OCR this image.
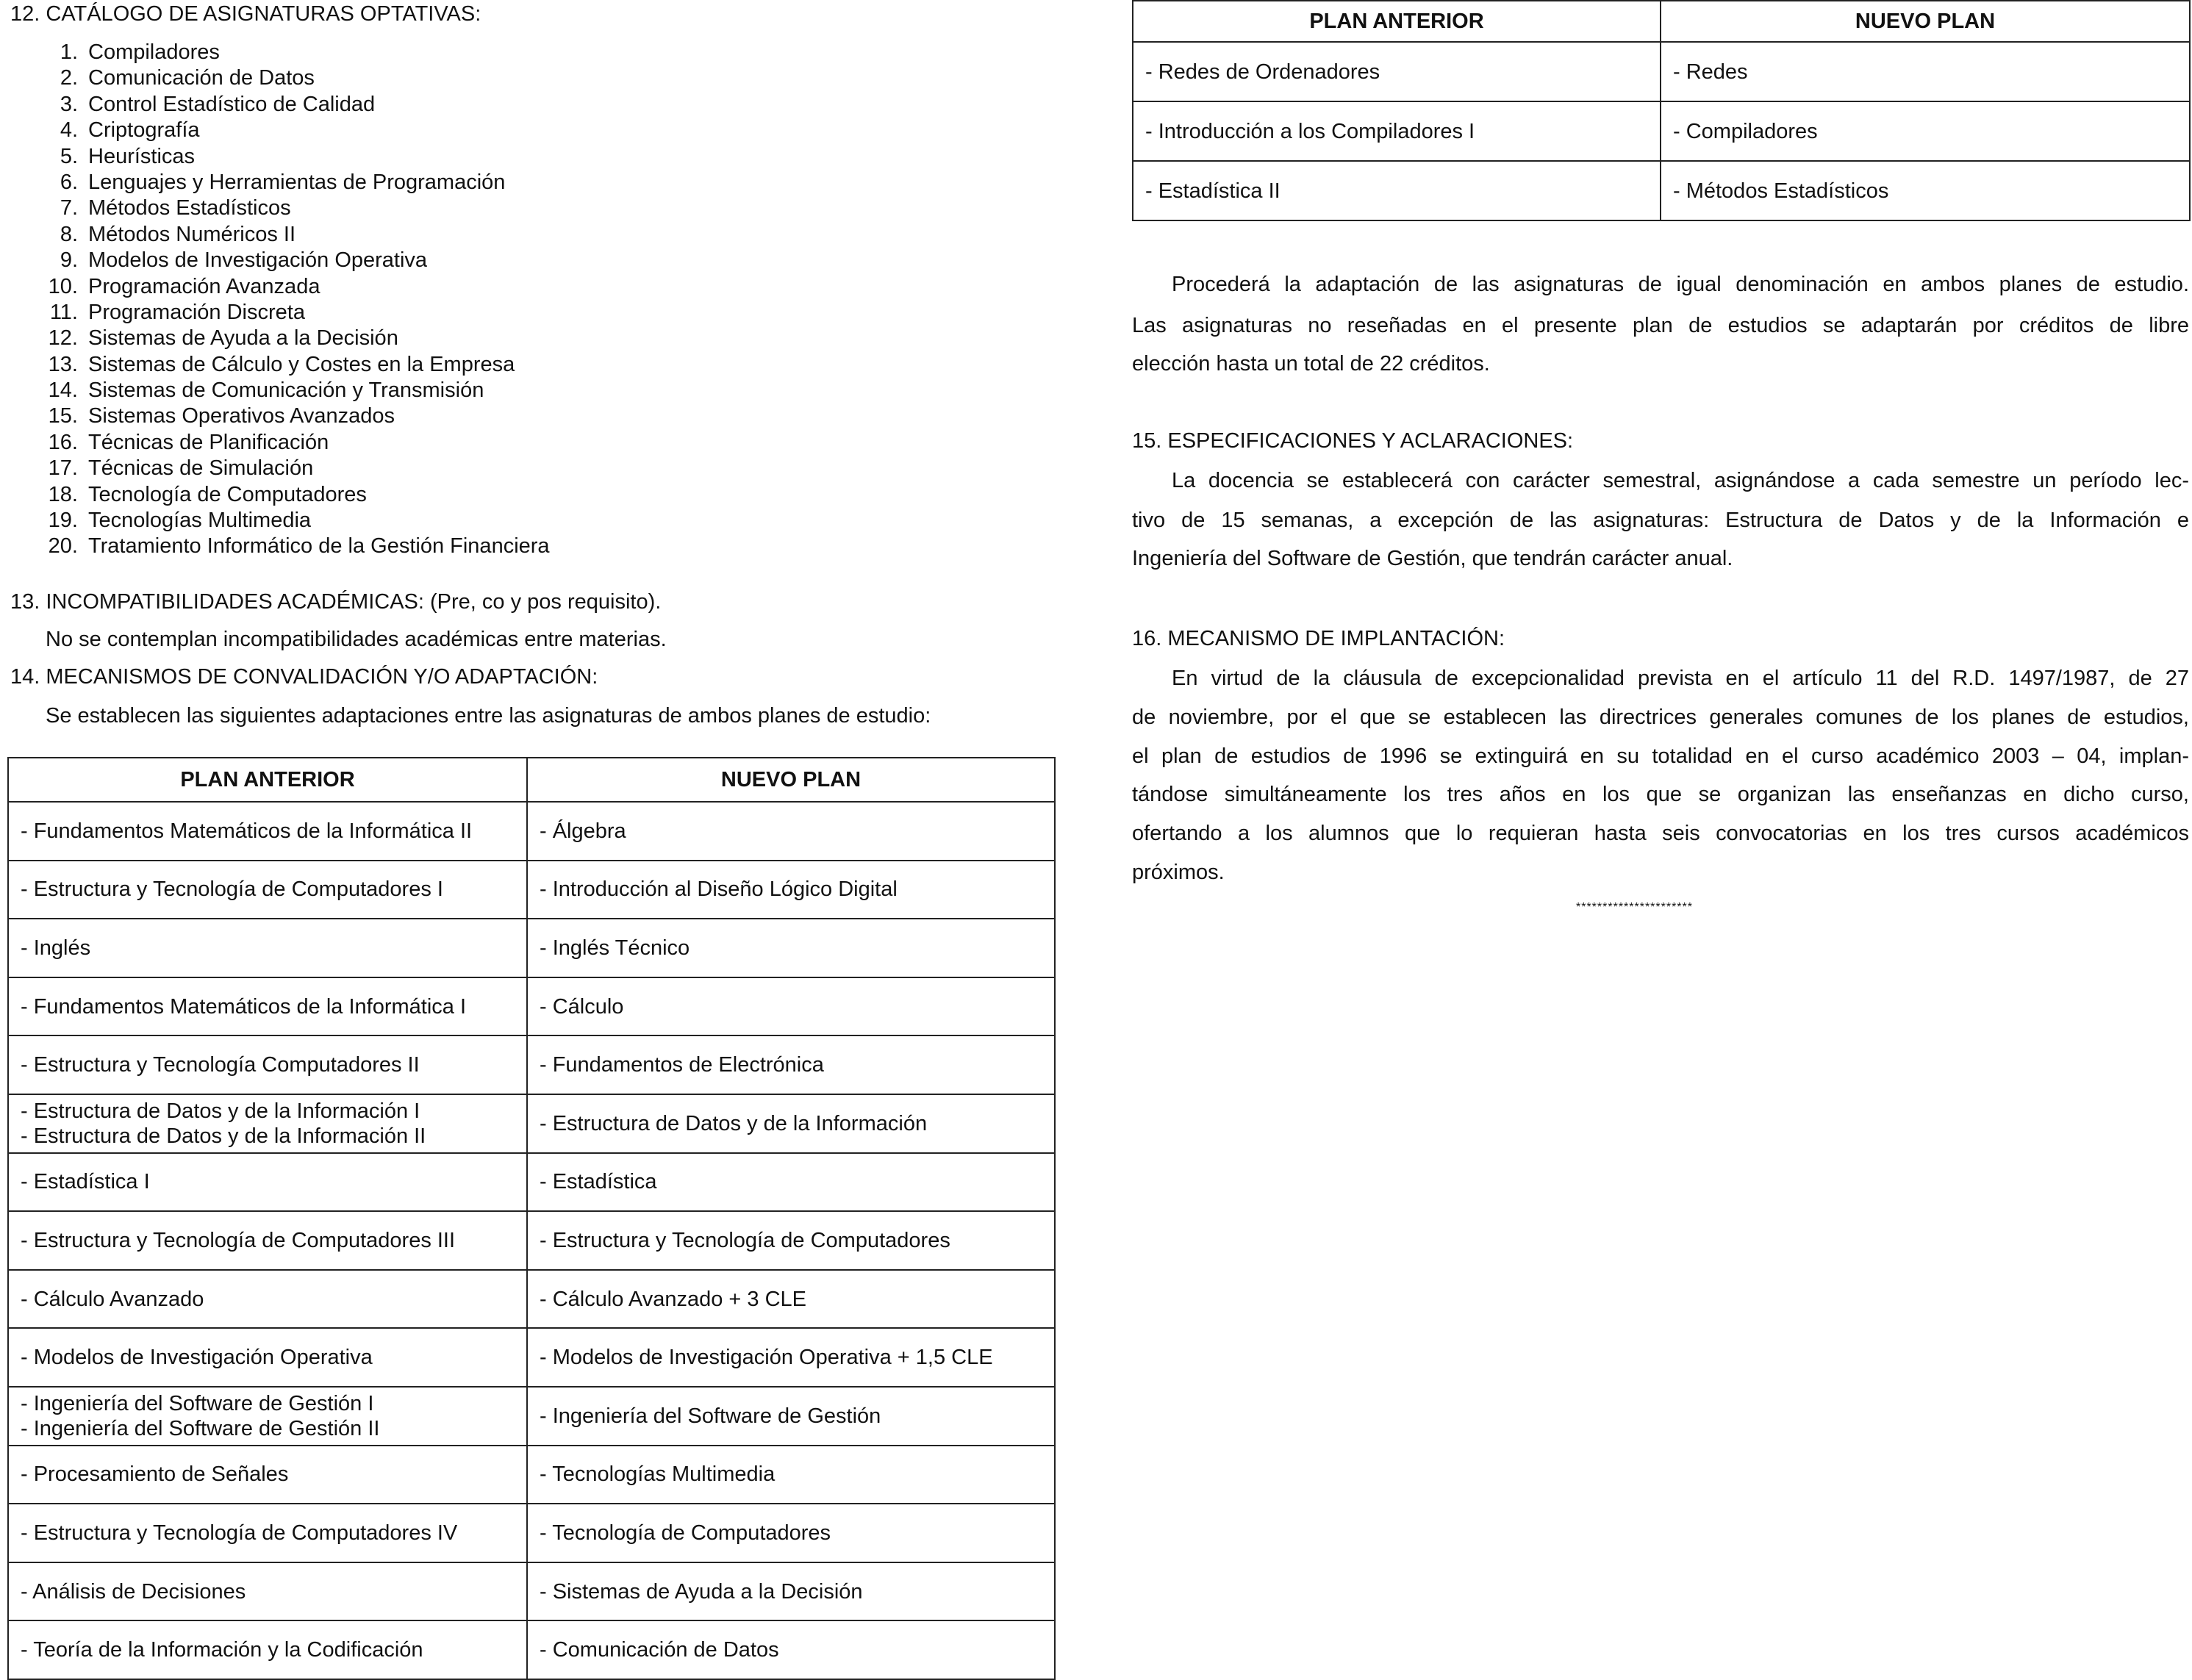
12. CATÁLOGO DE ASIGNATURAS OPTATIVAS:
1. Compiladores
2. Comunicación de Datos
3. Control Estadístico de Calidad
4. Criptografía
5. Heurísticas
6. Lenguajes y Herramientas de Programación
7. Métodos Estadísticos
8. Métodos Numéricos II
9. Modelos de Investigación Operativa
10. Programación Avanzada
11. Programación Discreta
12. Sistemas de Ayuda a la Decisión
13. Sistemas de Cálculo y Costes en la Empresa
14. Sistemas de Comunicación y Transmisión
15. Sistemas Operativos Avanzados
16. Técnicas de Planificación
17. Técnicas de Simulación
18. Tecnología de Computadores
19. Tecnologías Multimedia
20. Tratamiento Informático de la Gestión Financiera
13. INCOMPATIBILIDADES ACADÉMICAS: (Pre, co y pos requisito).
No se contemplan incompatibilidades académicas entre materias.
14. MECANISMOS DE CONVALIDACIÓN Y/O ADAPTACIÓN:
Se establecen las siguientes adaptaciones entre las asignaturas de ambos planes de estudio:
PLAN ANTERIOR	NUEVO PLAN

- Fundamentos Matemáticos de la Informática II	- Álgebra

- Estructura y Tecnología de Computadores I	- Introducción al Diseño Lógico Digital

- Inglés	- Inglés Técnico

- Fundamentos Matemáticos de la Informática I	- Cálculo

- Estructura y Tecnología Computadores II	- Fundamentos de Electrónica

- Estructura de Datos y de la Información I
- Estructura de Datos y de la Información II	- Estructura de Datos y de la Información

- Estadística I	- Estadística

- Estructura y Tecnología de Computadores III	- Estructura y Tecnología de Computadores

- Cálculo Avanzado	- Cálculo Avanzado + 3 CLE

- Modelos de Investigación Operativa	- Modelos de Investigación Operativa + 1,5 CLE

- Ingeniería del Software de Gestión I
- Ingeniería del Software de Gestión II	- Ingeniería del Software de Gestión

- Procesamiento de Señales	- Tecnologías Multimedia

- Estructura y Tecnología de Computadores IV	- Tecnología de Computadores

- Análisis de Decisiones	- Sistemas de Ayuda a la Decisión

- Teoría de la Información y la Codificación	- Comunicación de Datos
PLAN ANTERIOR	NUEVO PLAN

- Redes de Ordenadores	- Redes

- Introducción a los Compiladores I	- Compiladores

- Estadística II	- Métodos Estadísticos
Procederá la adaptación de las asignaturas de igual denominación en ambos planes de estudio.
Las asignaturas no reseñadas en el presente plan de estudios se adaptarán por créditos de libre
elección hasta un total de 22 créditos.
15. ESPECIFICACIONES Y ACLARACIONES:
La docencia se establecerá con carácter semestral, asignándose a cada semestre un período lec-
tivo de 15 semanas, a excepción de las asignaturas: Estructura de Datos y de la Información e
Ingeniería del Software de Gestión, que tendrán carácter anual.
16. MECANISMO DE IMPLANTACIÓN:
En virtud de la cláusula de excepcionalidad prevista en el artículo 11 del R.D. 1497/1987, de 27
de noviembre, por el que se establecen las directrices generales comunes de los planes de estudios,
el plan de estudios de 1996 se extinguirá en su totalidad en el curso académico 2003 – 04, implan-
tándose simultáneamente los tres años en los que se organizan las enseñanzas en dicho curso,
ofertando a los alumnos que lo requieran hasta seis convocatorias en los tres cursos académicos
próximos.
**********************
